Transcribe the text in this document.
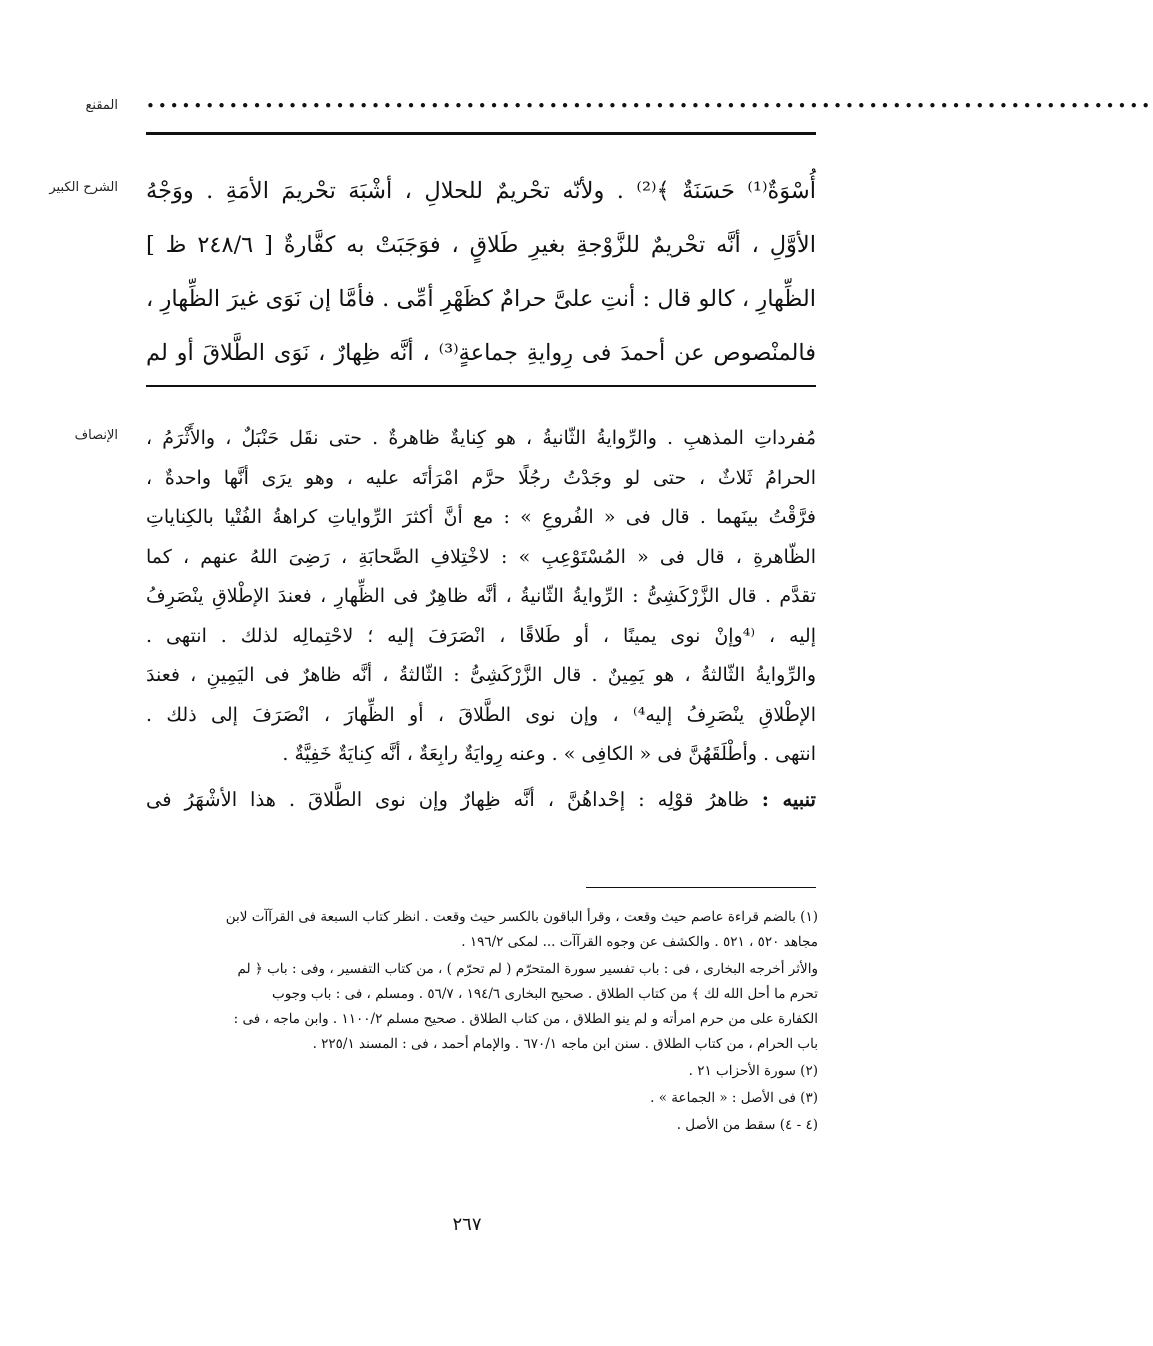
المقنع •••••••••••••••••••••••••••••••••••••••••••••••••••••••••••••••••••••••••••••••••••••
الشرح الكبير أُسْوَةٌ⁽¹⁾ حَسَنَةٌ ﴾⁽²⁾ . ولأنّه تحْريمٌ للحلالِ ، أشْبَهَ تحْريمَ الأمَةِ . ووَجْهُ

الأوَّلِ ، أنَّه تحْريمٌ للزَّوْجةِ بغيرِ طَلاقٍ ، فوَجَبَتْ به كفَّارةٌ [ ٢٤٨/٦ ظ ]

الظِّهارِ ، كالو قال : أنتِ علىَّ حرامٌ كظَهْرِ أمِّى . فأمَّا إن نَوَى غيرَ الظِّهارِ ،

فالمنْصوص عن أحمدَ فى رِوايةِ جماعةٍ⁽³⁾ ، أنَّه ظِهارٌ ، نَوَى الطَّلاقَ أو لم

الإنصاف مُفرداتِ المذهبِ . والرِّوايةُ الثّانيةُ ، هو كِنايةٌ ظاهرةٌ . حتى نقَل حَنْبَلٌ ، والأَثْرَمُ ،

الحرامُ ثَلاثٌ ، حتى لو وجَدْتُ رجُلًا حرَّم امْرَأتَه عليه ، وهو يرَى أنَّها واحدةٌ ،

فرَّقْتُ بينَهما . قال فى « الفُروعِ » : مع أنَّ أكثرَ الرِّواياتِ كراهةُ الفُتْيا بالكِناياتِ

الظّاهرةِ ، قال فى « المُسْتَوْعِبِ » : لاخْتِلافِ الصَّحابَةِ ، رَضِىَ اللهُ عنهم ، كما

تقدَّم . قال الزَّرْكَشِىُّ : الرِّوايةُ الثّانيةُ ، أنَّه ظاهِرٌ فى الظِّهارِ ، فعندَ الإطْلاقِ ينْصَرِفُ

إليه ، ⁽⁴وإنْ نوى يمينًا ، أو طَلاقًا ، انْصَرَفَ إليه ؛ لاحْتِمالِه لذلك . انتهى .

والرِّوايةُ الثّالثةُ ، هو يَمِينٌ . قال الزَّرْكَشِىُّ : الثّالثةُ ، أنَّه ظاهرٌ فى اليَمِينِ ، فعندَ

الإطْلاقِ ينْصَرِفُ إليه⁴⁾ ، وإن نوى الطَّلاقَ ، أو الظِّهارَ ، انْصَرَفَ إلى ذلك .

انتهى . وأطْلَقَهُنَّ فى « الكافِى » . وعنه رِوايَةٌ رابِعَةٌ ، أنَّه كِنايَةٌ خَفِيَّةٌ .

تنبيه : ظاهرُ قوْلِه : إحْداهُنَّ ، أنَّه ظِهارٌ وإن نوى الطَّلاقَ . هذا الأشْهَرُ فى

(١) بالضم قراءة عاصم حيث وقعت ، وقرأ الباقون بالكسر حيث وقعت . انظر كتاب السبعة فى القرآآت لابن

مجاهد ٥٢٠ ، ٥٢١ . والكشف عن وجوه القرآآت ... لمكى ١٩٦/٢ .

والأثر أخرجه البخارى ، فى : باب تفسير سورة المتحرّم ( لم تحرّم ) ، من كتاب التفسير ، وفى : باب ﴿ لم

تحرم ما أحل الله لك ﴾ من كتاب الطلاق . صحيح البخارى ١٩٤/٦ ، ٥٦/٧ . ومسلم ، فى : باب وجوب

الكفارة على من حرم امرأته و لم ينو الطلاق ، من كتاب الطلاق . صحيح مسلم ١١٠٠/٢ . وابن ماجه ، فى :

باب الحرام ، من كتاب الطلاق . سنن ابن ماجه ٦٧٠/١ . والإمام أحمد ، فى : المسند ٢٢٥/١ .

(٢) سورة الأحزاب ٢١ .

(٣) فى الأصل : « الجماعة » .

(٤ - ٤) سقط من الأصل .

٢٦٧
